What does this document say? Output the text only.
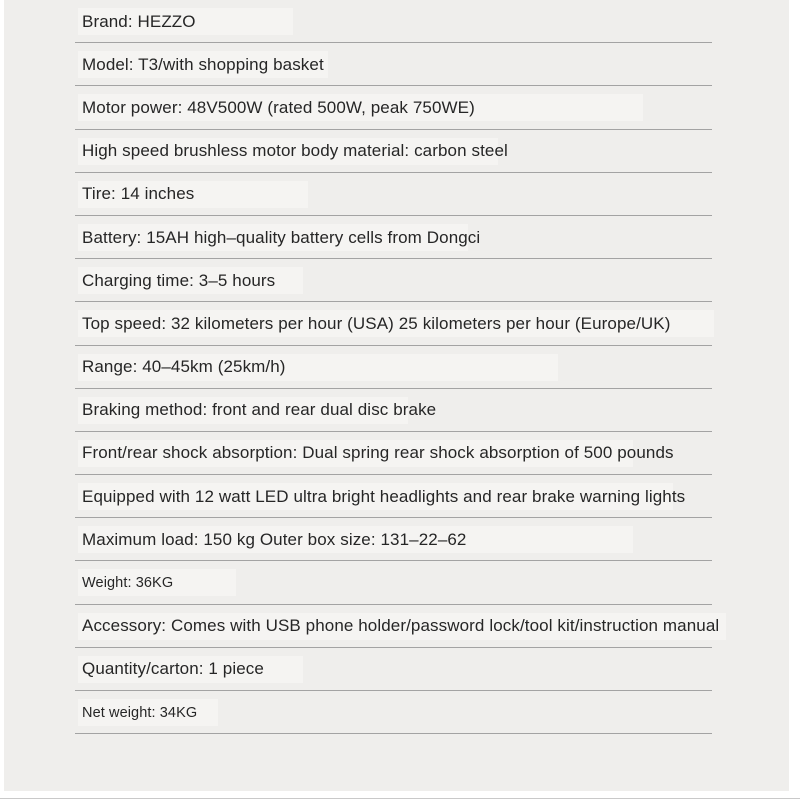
Brand: HEZZO
Model: T3/with shopping basket
Motor power: 48V500W (rated 500W, peak 750WE)
High speed brushless motor body material: carbon steel
Tire: 14 inches
Battery: 15AH high–quality battery cells from Dongci
Charging time: 3–5 hours
Top speed: 32 kilometers per hour (USA) 25 kilometers per hour (Europe/UK)
Range: 40–45km (25km/h)
Braking method: front and rear dual disc brake
Front/rear shock absorption: Dual spring rear shock absorption of 500 pounds
Equipped with 12 watt LED ultra bright headlights and rear brake warning lights
Maximum load: 150 kg Outer box size: 131–22–62
Weight: 36KG
Accessory: Comes with USB phone holder/password lock/tool kit/instruction manual
Quantity/carton: 1 piece
Net weight: 34KG
